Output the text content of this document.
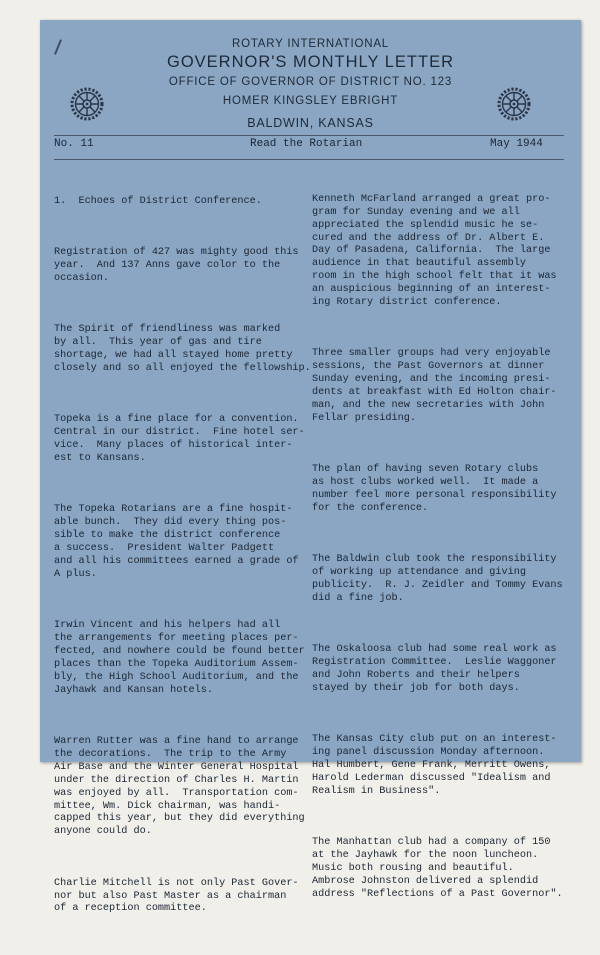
ROTARY INTERNATIONAL
GOVERNOR'S MONTHLY LETTER
OFFICE OF GOVERNOR OF DISTRICT NO. 123
HOMER KINGSLEY EBRIGHT
BALDWIN, KANSAS
No. 11	Read the Rotarian	May 1944

1.  Echoes of District Conference.

Registration of 427 was mighty good this
year.  And 137 Anns gave color to the
occasion.

The Spirit of friendliness was marked
by all.  This year of gas and tire
shortage, we had all stayed home pretty
closely and so all enjoyed the fellowship.

Topeka is a fine place for a convention.
Central in our district.  Fine hotel ser-
vice.  Many places of historical inter-
est to Kansans.

The Topeka Rotarians are a fine hospit-
able bunch.  They did every thing pos-
sible to make the district conference
a success.  President Walter Padgett
and all his committees earned a grade of
A plus.

Irwin Vincent and his helpers had all
the arrangements for meeting places per-
fected, and nowhere could be found better
places than the Topeka Auditorium Assem-
bly, the High School Auditorium, and the
Jayhawk and Kansan hotels.

Warren Rutter was a fine hand to arrange
the decorations.  The trip to the Army
Air Base and the Winter General Hospital
under the direction of Charles H. Martin
was enjoyed by all.  Transportation com-
mittee, Wm. Dick chairman, was handi-
capped this year, but they did everything
anyone could do.

Charlie Mitchell is not only Past Gover-
nor but also Past Master as a chairman
of a reception committee.

Kenneth McFarland arranged a great pro-
gram for Sunday evening and we all
appreciated the splendid music he se-
cured and the address of Dr. Albert E.
Day of Pasadena, California.  The large
audience in that beautiful assembly
room in the high school felt that it was
an auspicious beginning of an interest-
ing Rotary district conference.

Three smaller groups had very enjoyable
sessions, the Past Governors at dinner
Sunday evening, and the incoming presi-
dents at breakfast with Ed Holton chair-
man, and the new secretaries with John
Fellar presiding.

The plan of having seven Rotary clubs
as host clubs worked well.  It made a
number feel more personal responsibility
for the conference.

The Baldwin club took the responsibility
of working up attendance and giving
publicity.  R. J. Zeidler and Tommy Evans
did a fine job.

The Oskaloosa club had some real work as
Registration Committee.  Leslie Waggoner
and John Roberts and their helpers
stayed by their job for both days.

The Kansas City club put on an interest-
ing panel discussion Monday afternoon.
Hal Humbert, Gene Frank, Merritt Owens,
Harold Lederman discussed "Idealism and
Realism in Business".

The Manhattan club had a company of 150
at the Jayhawk for the noon luncheon.
Music both rousing and beautiful.
Ambrose Johnston delivered a splendid
address "Reflections of a Past Governor".
